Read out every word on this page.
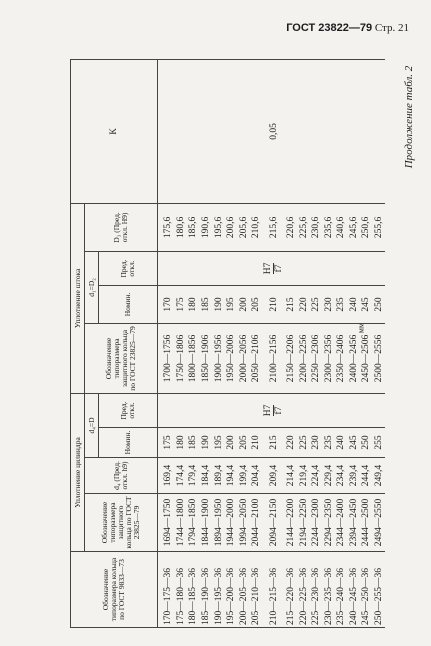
ГОСТ 23822—79 Стр. 21
Продолжение табл. 2
мм
Обозначение типоразмера кольца по ГОСТ 9833—73	Уплотнение цилиндра				Уплотнение штока				K
	Обозначение типоразмера защитного кольца по ГОСТ 23825—79	d₄ (Пред. откл. h9)	d₄=D		Обозначение типоразмера защитного кольца по ГОСТ 23825—79	d₁=D₂		D₃ (Пред. откл. H9)	
			Номин.	Пред. откл.		Номин.	Пред. откл.		
170—175—36	1694—1750	169,4	175		1700—1756	170		175,6	0,05
175—180—36	1744—1800	174,4	180		1750—1806	175		180,6	
180—185—36	1794—1850	179,4	185		1800—1856	180		185,6	
185—190—36	1844—1900	184,4	190		1850—1906	185		190,6	
190—195—36	1894—1950	189,4	195		1900—1956	190		195,6	
195—200—36	1944—2000	194,4	200		1950—2006	195		200,6	
200—205—36	1994—2050	199,4	205		2000—2056	200		205,6	
205—210—36	2044—2100	204,4	210		2050—2106	205		210,6	
210—215—36	2094—2150	209,4	215	H7 f7	2100—2156	210	H7 f7	215,6	
215—220—36	2144—2200	214,4	220		2150—2206	215		220,6	
220—225—36	2194—2250	219,4	225		2200—2256	220		225,6	
225—230—36	2244—2300	224,4	230		2250—2306	225		230,6	
230—235—36	2294—2350	229,4	235		2300—2356	230		235,6	
235—240—36	2344—2400	234,4	240		2350—2406	235		240,6	
240—245—36	2394—2450	239,4	245		2400—2456	240		245,6	
245—250—36	2444—2500	244,4	250		2450—2506	245		250,6	
250—255—36	2494—2550	249,4	255		2500—2556	250		255,6	
